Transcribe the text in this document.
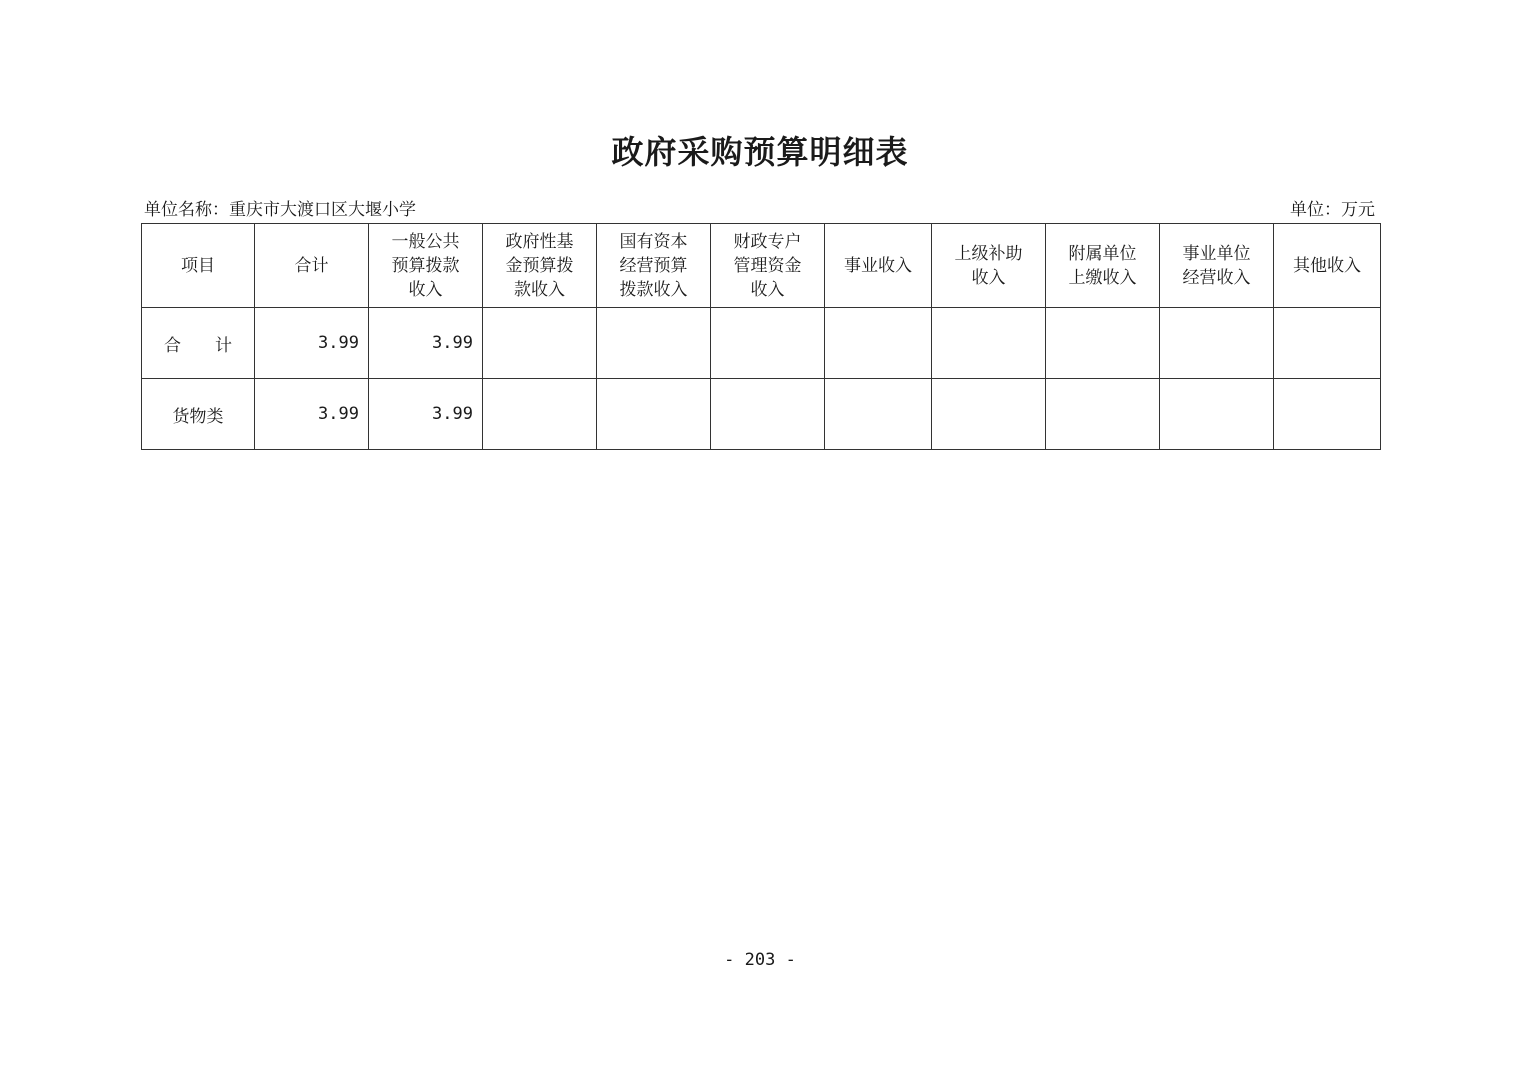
政府采购预算明细表
单位名称：重庆市大渡口区大堰小学	单位：万元
项目	合计	一般公共预算拨款收入	政府性基金预算拨款收入	国有资本经营预算拨款收入	财政专户管理资金收入	事业收入	上级补助收入	附属单位上缴收入	事业单位经营收入	其他收入
合　　计	3.99	3.99								
货物类	3.99	3.99								
- 203 -
